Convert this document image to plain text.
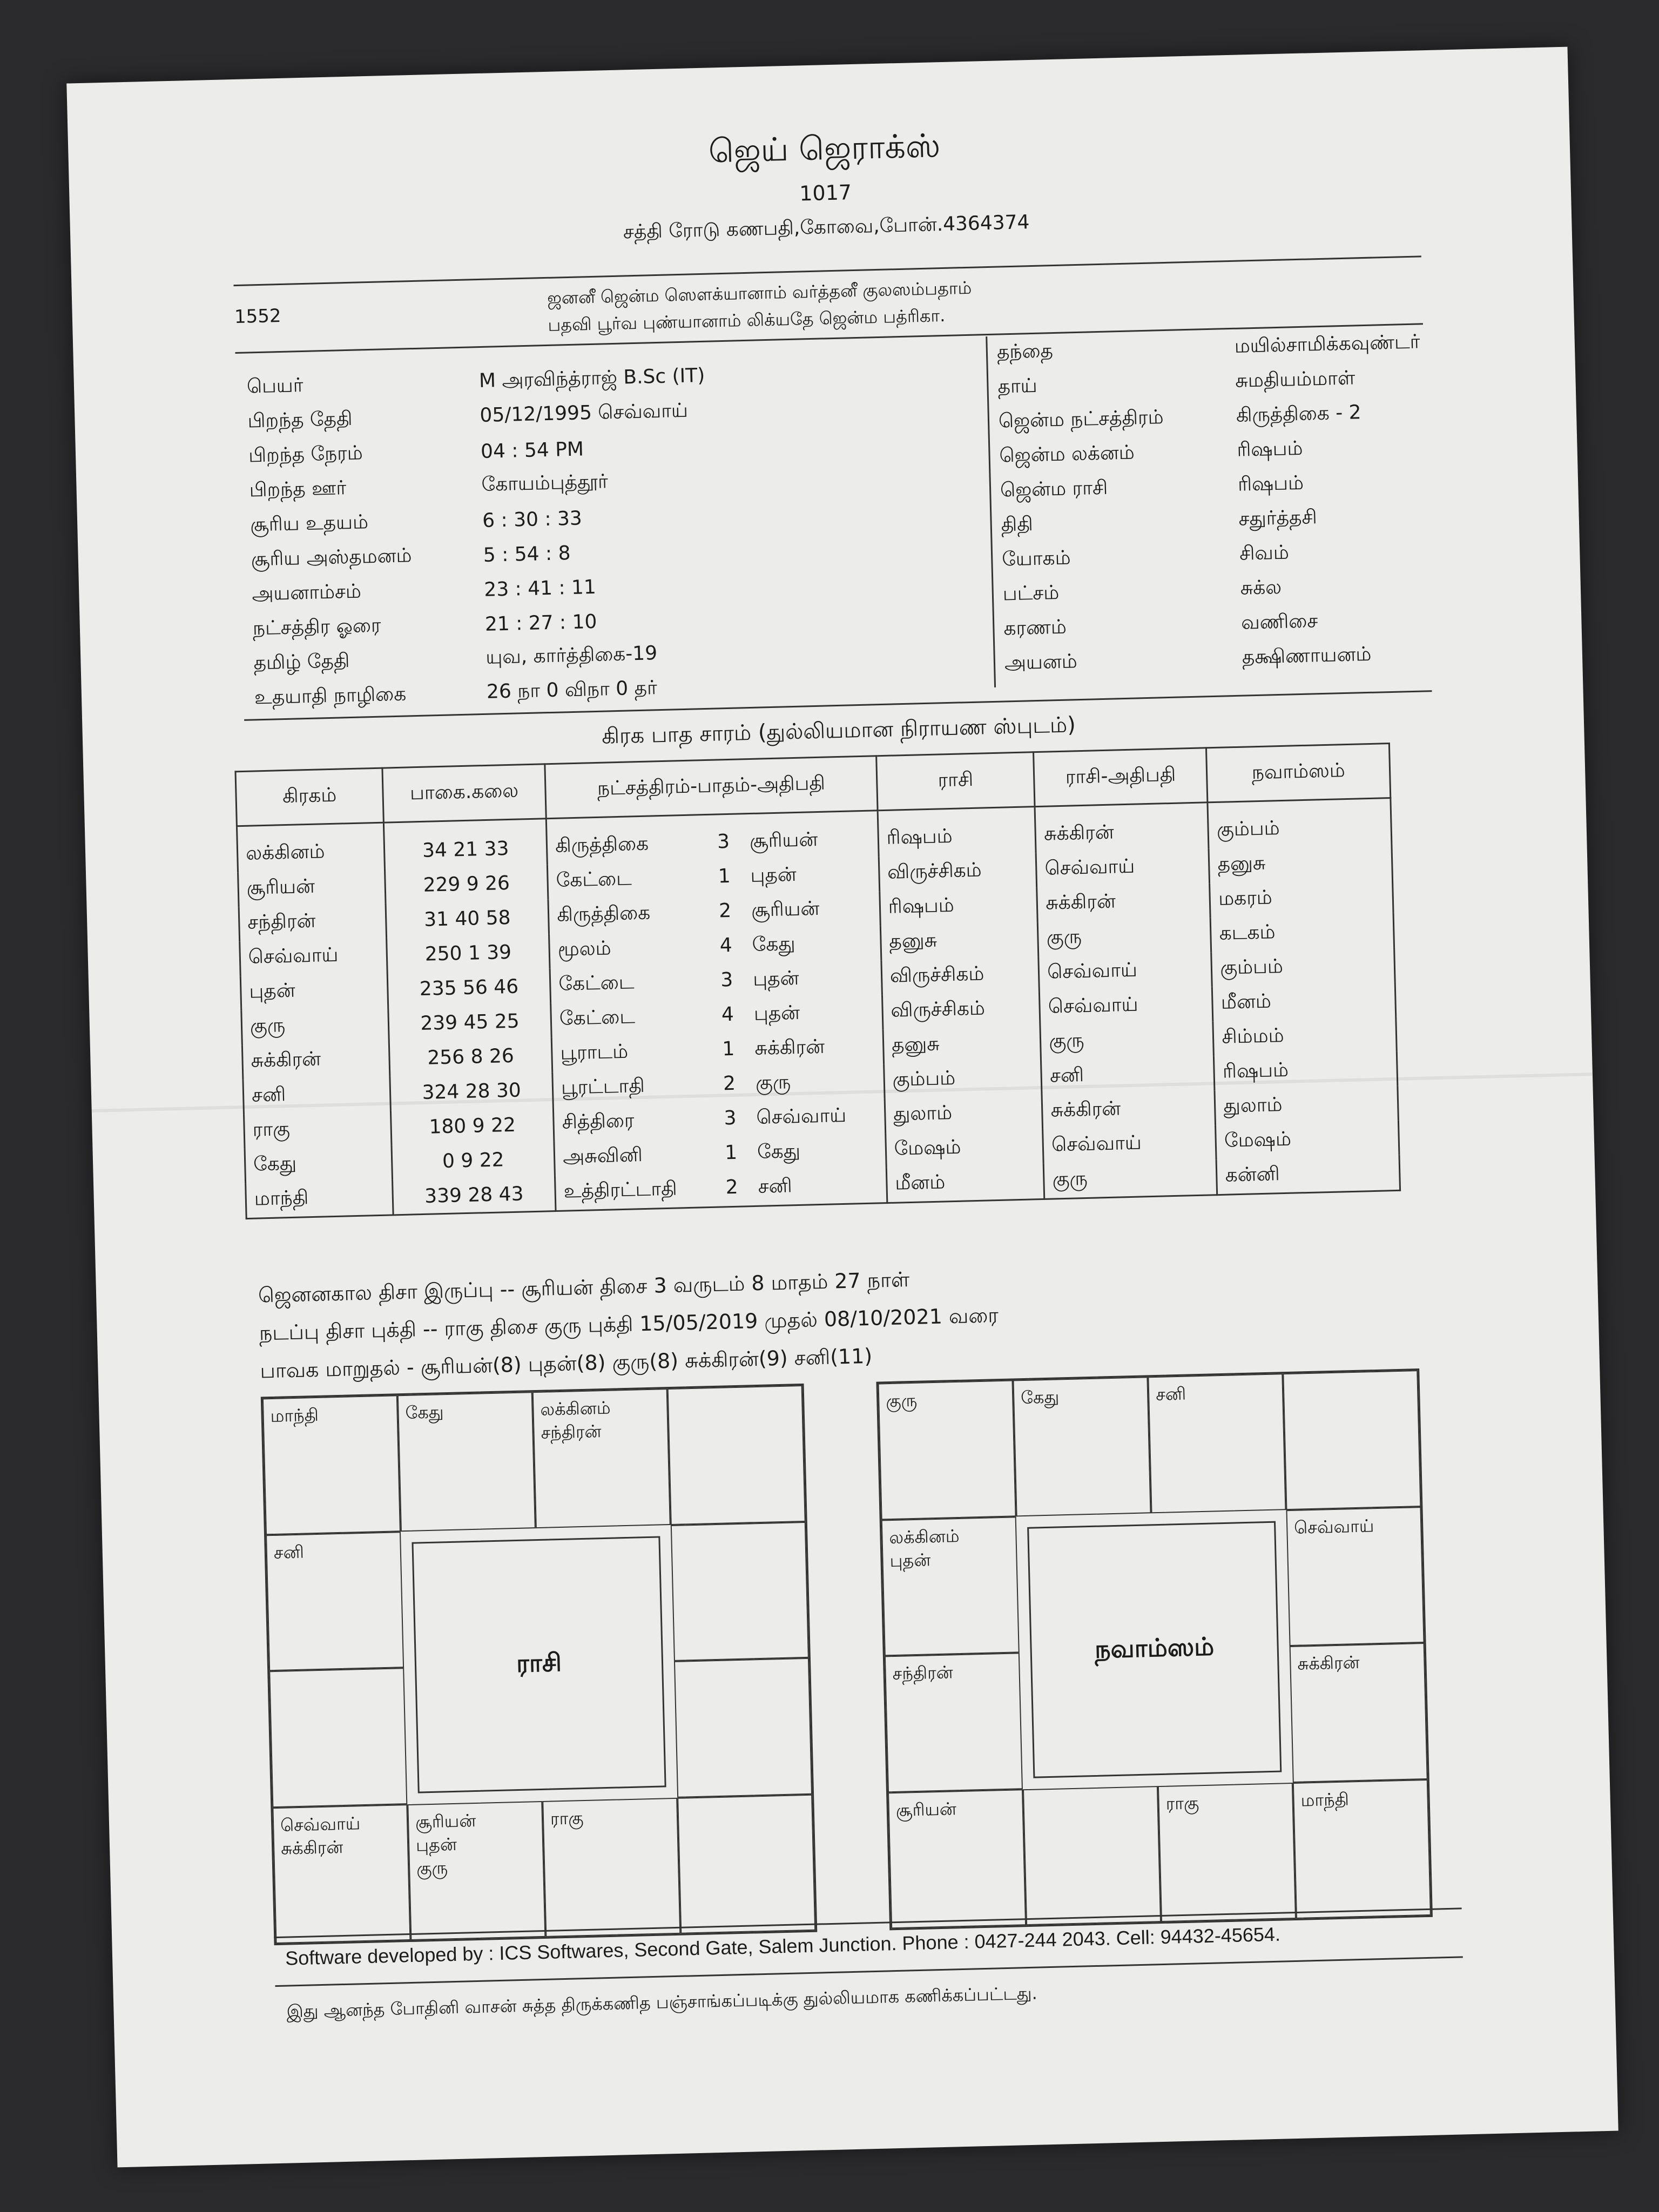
ஜெய் ஜெராக்ஸ்
1017
சத்தி ரோடு கணபதி,கோவை,போன்.4364374
1552
ஜனனீ ஜென்ம ஸௌக்யானாம் வர்த்தனீ குலஸம்பதாம்
பதவி பூர்வ புண்யானாம் லிக்யதே ஜென்ம பத்ரிகா.
பெயர்	M அரவிந்த்ராஜ் B.Sc (IT)
பிறந்த தேதி	05/12/1995 செவ்வாய்
பிறந்த நேரம்	04 : 54 PM
பிறந்த ஊர்	கோயம்புத்தூர்
சூரிய உதயம்	6 : 30 : 33
சூரிய அஸ்தமனம்	5 : 54 : 8
அயனாம்சம்	23 : 41 : 11
நட்சத்திர ஓரை	21 : 27 : 10
தமிழ் தேதி	யுவ, கார்த்திகை-19
உதயாதி நாழிகை	26 நா 0 விநா 0 தர்
தந்தை	மயில்சாமிக்கவுண்டர்
தாய்	சுமதியம்மாள்
ஜென்ம நட்சத்திரம்	கிருத்திகை - 2
ஜென்ம லக்னம்	ரிஷபம்
ஜென்ம ராசி	ரிஷபம்
திதி	சதுர்த்தசி
யோகம்	சிவம்
பட்சம்	சுக்ல
கரணம்	வணிசை
அயனம்	தக்ஷிணாயனம்
கிரக பாத சாரம் (துல்லியமான நிராயண ஸ்புடம்)
கிரகம்	பாகை.கலை	நட்சத்திரம்-பாதம்-அதிபதி	ராசி	ராசி-அதிபதி	நவாம்ஸம்
லக்கினம்	34 21 33	கிருத்திகை 3 சூரியன்	ரிஷபம்	சுக்கிரன்	கும்பம்
சூரியன்	229 9 26	கேட்டை 1 புதன்	விருச்சிகம்	செவ்வாய்	தனுசு
சந்திரன்	31 40 58	கிருத்திகை 2 சூரியன்	ரிஷபம்	சுக்கிரன்	மகரம்
செவ்வாய்	250 1 39	மூலம் 4 கேது	தனுசு	குரு	கடகம்
புதன்	235 56 46	கேட்டை 3 புதன்	விருச்சிகம்	செவ்வாய்	கும்பம்
குரு	239 45 25	கேட்டை 4 புதன்	விருச்சிகம்	செவ்வாய்	மீனம்
சுக்கிரன்	256 8 26	பூராடம் 1 சுக்கிரன்	தனுசு	குரு	சிம்மம்
சனி	324 28 30	பூரட்டாதி 2 குரு	கும்பம்	சனி	ரிஷபம்
ராகு	180 9 22	சித்திரை 3 செவ்வாய்	துலாம்	சுக்கிரன்	துலாம்
கேது	0 9 22	அசுவினி 1 கேது	மேஷம்	செவ்வாய்	மேஷம்
மாந்தி	339 28 43	உத்திரட்டாதி 2 சனி	மீனம்	குரு	கன்னி
ஜெனனகால திசா இருப்பு -- சூரியன் திசை 3 வருடம் 8 மாதம் 27 நாள்
நடப்பு திசா புக்தி -- ராகு திசை குரு புக்தி 15/05/2019 முதல் 08/10/2021 வரை
பாவக மாறுதல் - சூரியன்(8) புதன்(8) குரு(8) சுக்கிரன்(9) சனி(11)
மாந்தி	கேது	லக்கினம்
சந்திரன்
சனி
செவ்வாய்
சுக்கிரன்
சூரியன்
புதன்
குரு
ராகு
ராசி
குரு	கேது	சனி
லக்கினம்
புதன்
செவ்வாய்
சந்திரன்	சுக்கிரன்
சூரியன்	ராகு	மாந்தி
நவாம்ஸம்
Software developed by : ICS Softwares, Second Gate, Salem Junction. Phone : 0427-244 2043. Cell: 94432-45654.
இது ஆனந்த போதினி வாசன் சுத்த திருக்கணித பஞ்சாங்கப்படிக்கு துல்லியமாக கணிக்கப்பட்டது.
